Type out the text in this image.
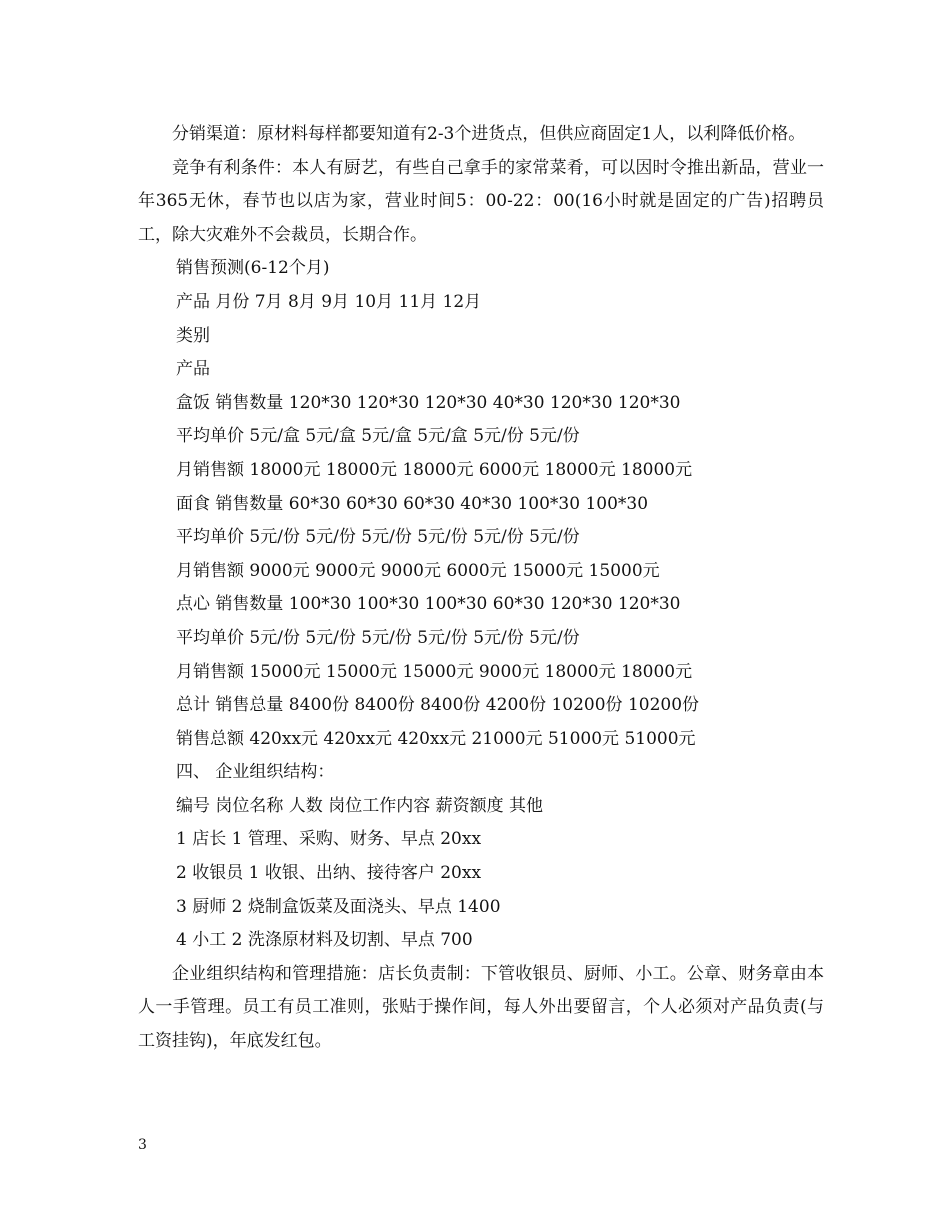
分销渠道：原材料每样都要知道有2-3个进货点，但供应商固定1人，以利降低价格。

竞争有利条件：本人有厨艺，有些自己拿手的家常菜肴，可以因时令推出新品，营业一年365无休，春节也以店为家，营业时间5：00-22：00(16小时就是固定的广告)招聘员工，除大灾难外不会裁员，长期合作。

销售预测(6-12个月)

产品 月份 7月 8月 9月 10月 11月 12月

类别

产品

盒饭 销售数量 120*30 120*30 120*30 40*30 120*30 120*30

平均单价 5元/盒 5元/盒 5元/盒 5元/盒 5元/份 5元/份

月销售额 18000元 18000元 18000元 6000元 18000元 18000元

面食 销售数量 60*30 60*30 60*30 40*30 100*30 100*30

平均单价 5元/份 5元/份 5元/份 5元/份 5元/份 5元/份

月销售额 9000元 9000元 9000元 6000元 15000元 15000元

点心 销售数量 100*30 100*30 100*30 60*30 120*30 120*30

平均单价 5元/份 5元/份 5元/份 5元/份 5元/份 5元/份

月销售额 15000元 15000元 15000元 9000元 18000元 18000元

总计 销售总量 8400份 8400份 8400份 4200份 10200份 10200份

销售总额 420xx元 420xx元 420xx元 21000元 51000元 51000元

四、 企业组织结构：

编号 岗位名称 人数 岗位工作内容 薪资额度 其他

1 店长 1 管理、采购、财务、早点 20xx

2 收银员 1 收银、出纳、接待客户 20xx

3 厨师 2 烧制盒饭菜及面浇头、早点 1400

4 小工 2 洗涤原材料及切割、早点 700

企业组织结构和管理措施：店长负责制：下管收银员、厨师、小工。公章、财务章由本人一手管理。员工有员工准则，张贴于操作间，每人外出要留言，个人必须对产品负责(与工资挂钩)，年底发红包。

3
